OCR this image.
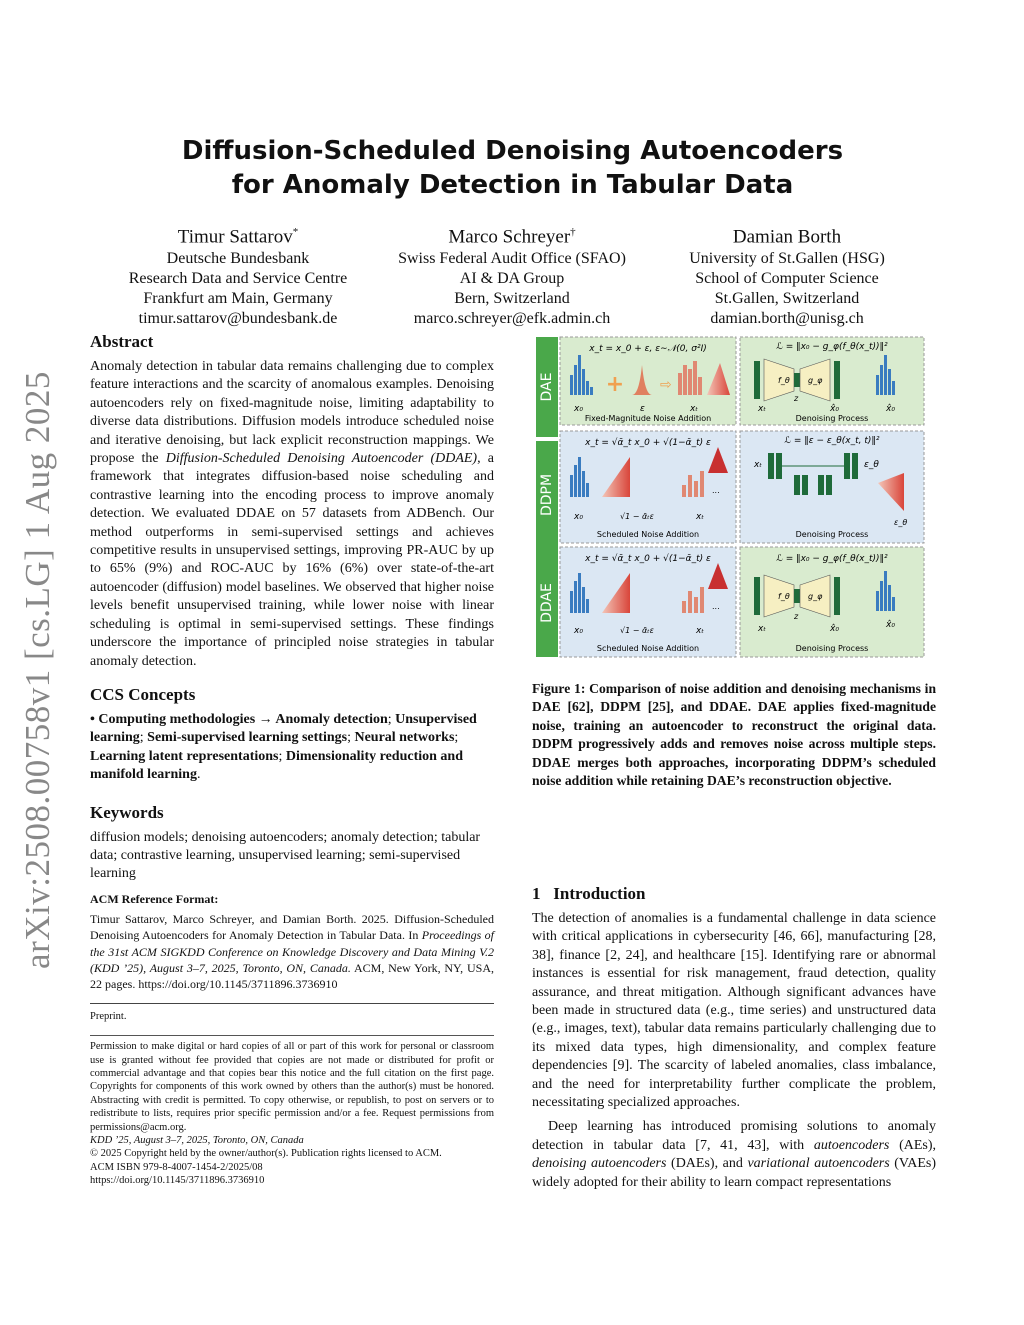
arXiv:2508.00758v1 [cs.LG] 1 Aug 2025
Diffusion-Scheduled Denoising Autoencoders
for Anomaly Detection in Tabular Data
Timur Sattarov*
Deutsche Bundesbank
Research Data and Service Centre
Frankfurt am Main, Germany
timur.sattarov@bundesbank.de
Marco Schreyer†
Swiss Federal Audit Office (SFAO)
AI & DA Group
Bern, Switzerland
marco.schreyer@efk.admin.ch
Damian Borth
University of St.Gallen (HSG)
School of Computer Science
St.Gallen, Switzerland
damian.borth@unisg.ch
Abstract

Anomaly detection in tabular data remains challenging due to complex feature interactions and the scarcity of anomalous examples. Denoising autoencoders rely on fixed-magnitude noise, limiting adaptability to diverse data distributions. Diffusion models introduce scheduled noise and iterative denoising, but lack explicit reconstruction mappings. We propose the Diffusion-Scheduled Denoising Autoencoder (DDAE), a framework that integrates diffusion-based noise scheduling and contrastive learning into the encoding process to improve anomaly detection. We evaluated DDAE on 57 datasets from ADBench. Our method outperforms in semi-supervised settings and achieves competitive results in unsupervised settings, improving PR-AUC by up to 65% (9%) and ROC-AUC by 16% (6%) over state-of-the-art autoencoder (diffusion) model baselines. We observed that higher noise levels benefit unsupervised training, while lower noise with linear scheduling is optimal in semi-supervised settings. These findings underscore the importance of principled noise strategies in tabular anomaly detection.

CCS Concepts

• Computing methodologies → Anomaly detection; Unsupervised learning; Semi-supervised learning settings; Neural networks; Learning latent representations; Dimensionality reduction and manifold learning.

Keywords

diffusion models; denoising autoencoders; anomaly detection; tabular data; contrastive learning, unsupervised learning; semi-supervised learning

ACM Reference Format:

Timur Sattarov, Marco Schreyer, and Damian Borth. 2025. Diffusion-Scheduled Denoising Autoencoders for Anomaly Detection in Tabular Data. In Proceedings of the 31st ACM SIGKDD Conference on Knowledge Discovery and Data Mining V.2 (KDD ’25), August 3–7, 2025, Toronto, ON, Canada. ACM, New York, NY, USA, 22 pages. https://doi.org/10.1145/3711896.3736910

Preprint.

Permission to make digital or hard copies of all or part of this work for personal or classroom use is granted without fee provided that copies are not made or distributed for profit or commercial advantage and that copies bear this notice and the full citation on the first page. Copyrights for components of this work owned by others than the author(s) must be honored. Abstracting with credit is permitted. To copy otherwise, or republish, to post on servers or to redistribute to lists, requires prior specific permission and/or a fee. Request permissions from permissions@acm.org.

KDD ’25, August 3–7, 2025, Toronto, ON, Canada
© 2025 Copyright held by the owner/author(s). Publication rights licensed to ACM.
ACM ISBN 979-8-4007-1454-2/2025/08
https://doi.org/10.1145/3711896.3736910
DAE
x_t = x_0 + ε, ε∼𝒩(0, σ²I)	ℒ = ‖x₀ − g_φ(f_θ(x_t))‖²
+	⇨
x₀	ε	xₜ
Fixed-Magnitude Noise Addition
f_θ g_φ
xₜ
z
x̂₀	x̂₀
Denoising Process
DDPM
x_t = √ᾱ_t x_0 + √(1−ᾱ_t) ε	ℒ = ‖ε − ε_θ(x_t, t)‖²
...
x₀	√1 − ᾱₜε	xₜ
Scheduled Noise Addition
xₜ	ε_θ
ε_θ
Denoising Process
DDAE
x_t = √ᾱ_t x_0 + √(1−ᾱ_t) ε	ℒ = ‖x₀ − g_φ(f_θ(x_t))‖²
...
x₀	√1 − ᾱₜε	xₜ
Scheduled Noise Addition
f_θ g_φ
xₜ
z
x̂₀	x̂₀
Denoising Process

Figure 1: Comparison of noise addition and denoising mechanisms in DAE [62], DDPM [25], and DDAE. DAE applies fixed-magnitude noise, training an autoencoder to reconstruct the original data. DDPM progressively adds and removes noise across multiple steps. DDAE merges both approaches, incorporating DDPM’s scheduled noise addition while retaining DAE’s reconstruction objective.

1 Introduction

The detection of anomalies is a fundamental challenge in data science with critical applications in cybersecurity [46, 66], manufacturing [28, 38], finance [2, 24], and healthcare [15]. Identifying rare or abnormal instances is essential for risk management, fraud detection, quality assurance, and threat mitigation. Although significant advances have been made in structured data (e.g., time series) and unstructured data (e.g., images, text), tabular data remains particularly challenging due to its mixed data types, high dimensionality, and complex feature dependencies [9]. The scarcity of labeled anomalies, class imbalance, and the need for interpretability further complicate the problem, necessitating specialized approaches.

Deep learning has introduced promising solutions to anomaly detection in tabular data [7, 41, 43], with autoencoders (AEs), denoising autoencoders (DAEs), and variational autoencoders (VAEs) widely adopted for their ability to learn compact representations
